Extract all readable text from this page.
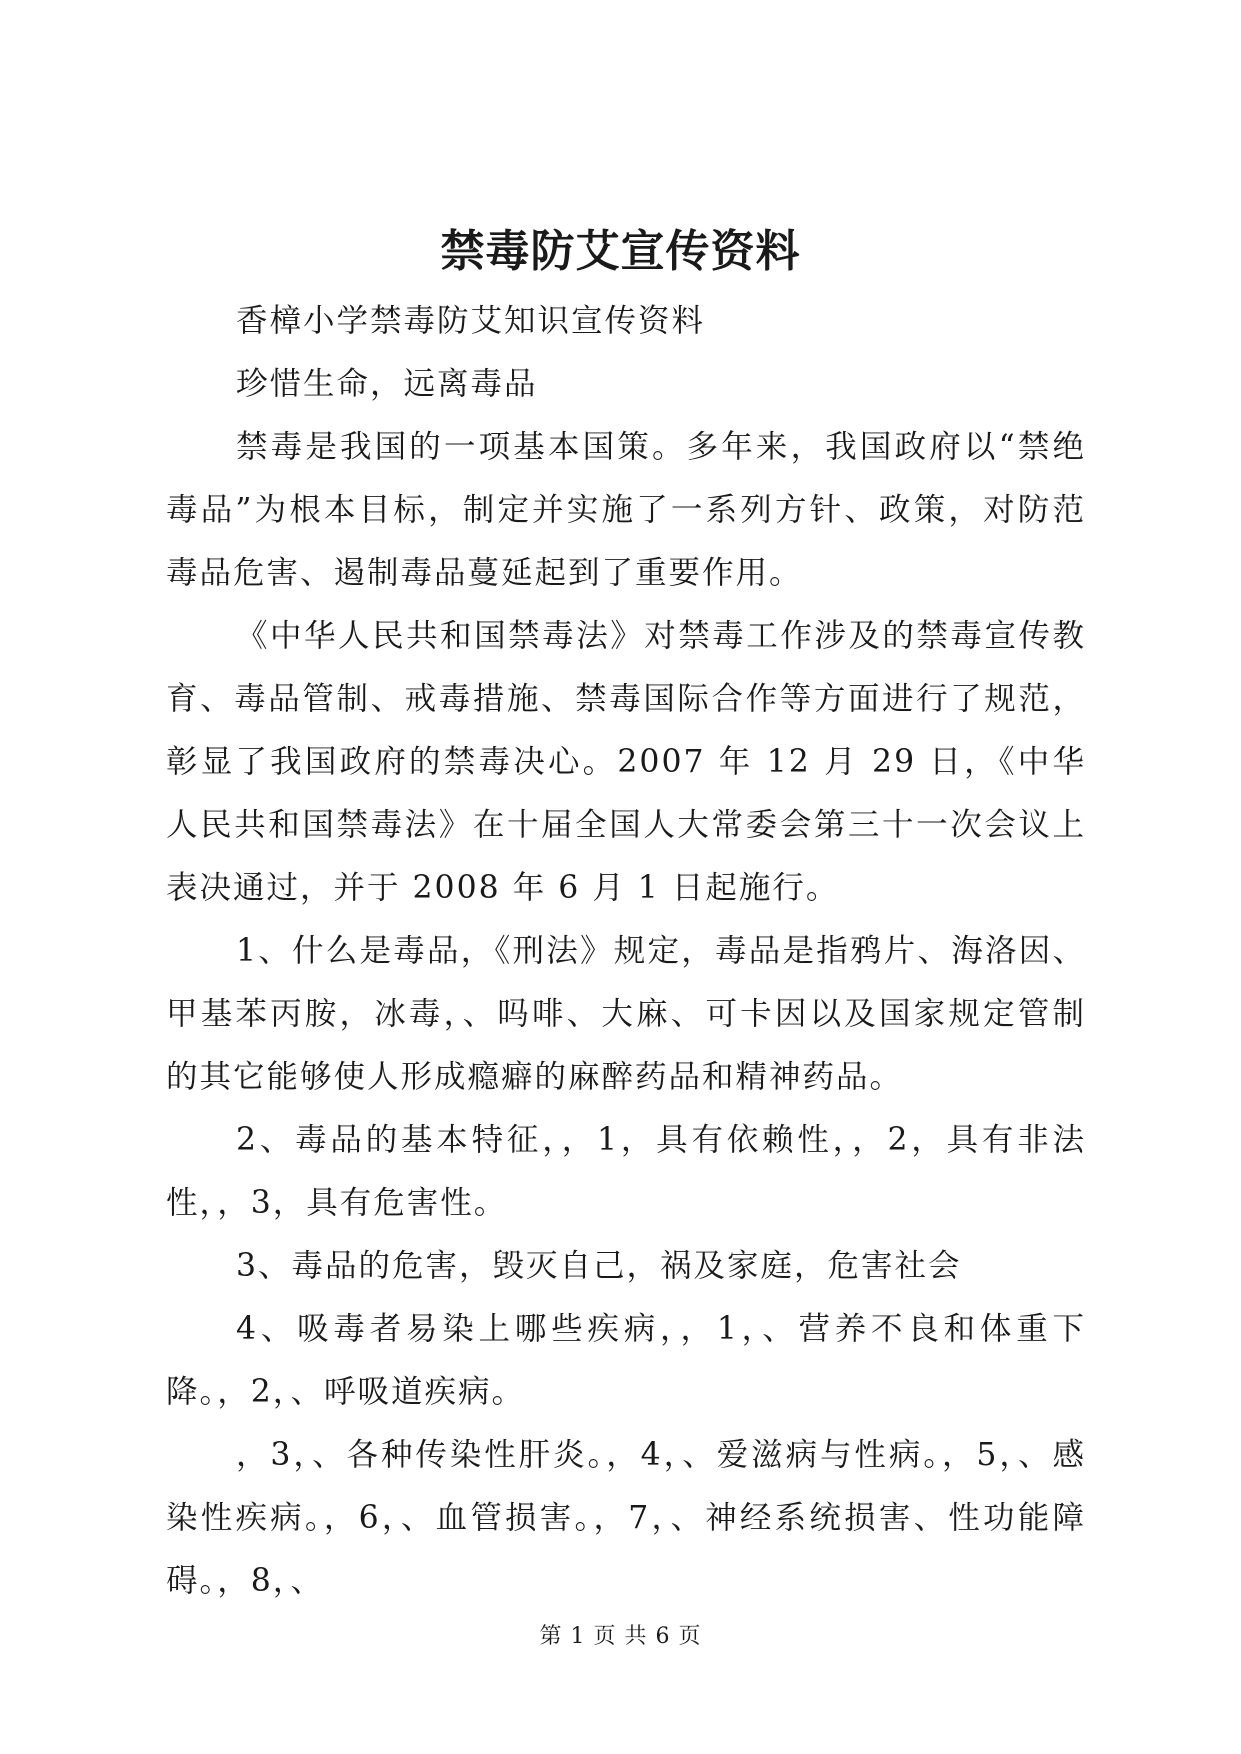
禁毒防艾宣传资料

香樟小学禁毒防艾知识宣传资料

珍惜生命，远离毒品

禁毒是我国的一项基本国策。多年来，我国政府以“禁绝毒品”为根本目标，制定并实施了一系列方针、政策，对防范毒品危害、遏制毒品蔓延起到了重要作用。

《中华人民共和国禁毒法》对禁毒工作涉及的禁毒宣传教育、毒品管制、戒毒措施、禁毒国际合作等方面进行了规范，彰显了我国政府的禁毒决心。2007 年 12 月 29 日，《中华人民共和国禁毒法》在十届全国人大常委会第三十一次会议上表决通过，并于 2008 年 6 月 1 日起施行。

1、什么是毒品，《刑法》规定，毒品是指鸦片、海洛因、甲基苯丙胺，冰毒，、吗啡、大麻、可卡因以及国家规定管制的其它能够使人形成瘾癖的麻醉药品和精神药品。

2、毒品的基本特征，，1，具有依赖性，，2，具有非法性，，3，具有危害性。

3、毒品的危害，毁灭自己，祸及家庭，危害社会

4、吸毒者易染上哪些疾病，，1，、营养不良和体重下降。，2，、呼吸道疾病。

，3，、各种传染性肝炎。，4，、爱滋病与性病。，5，、感染性疾病。，6，、血管损害。，7，、神经系统损害、性功能障碍。，8，、

第 1 页 共 6 页
